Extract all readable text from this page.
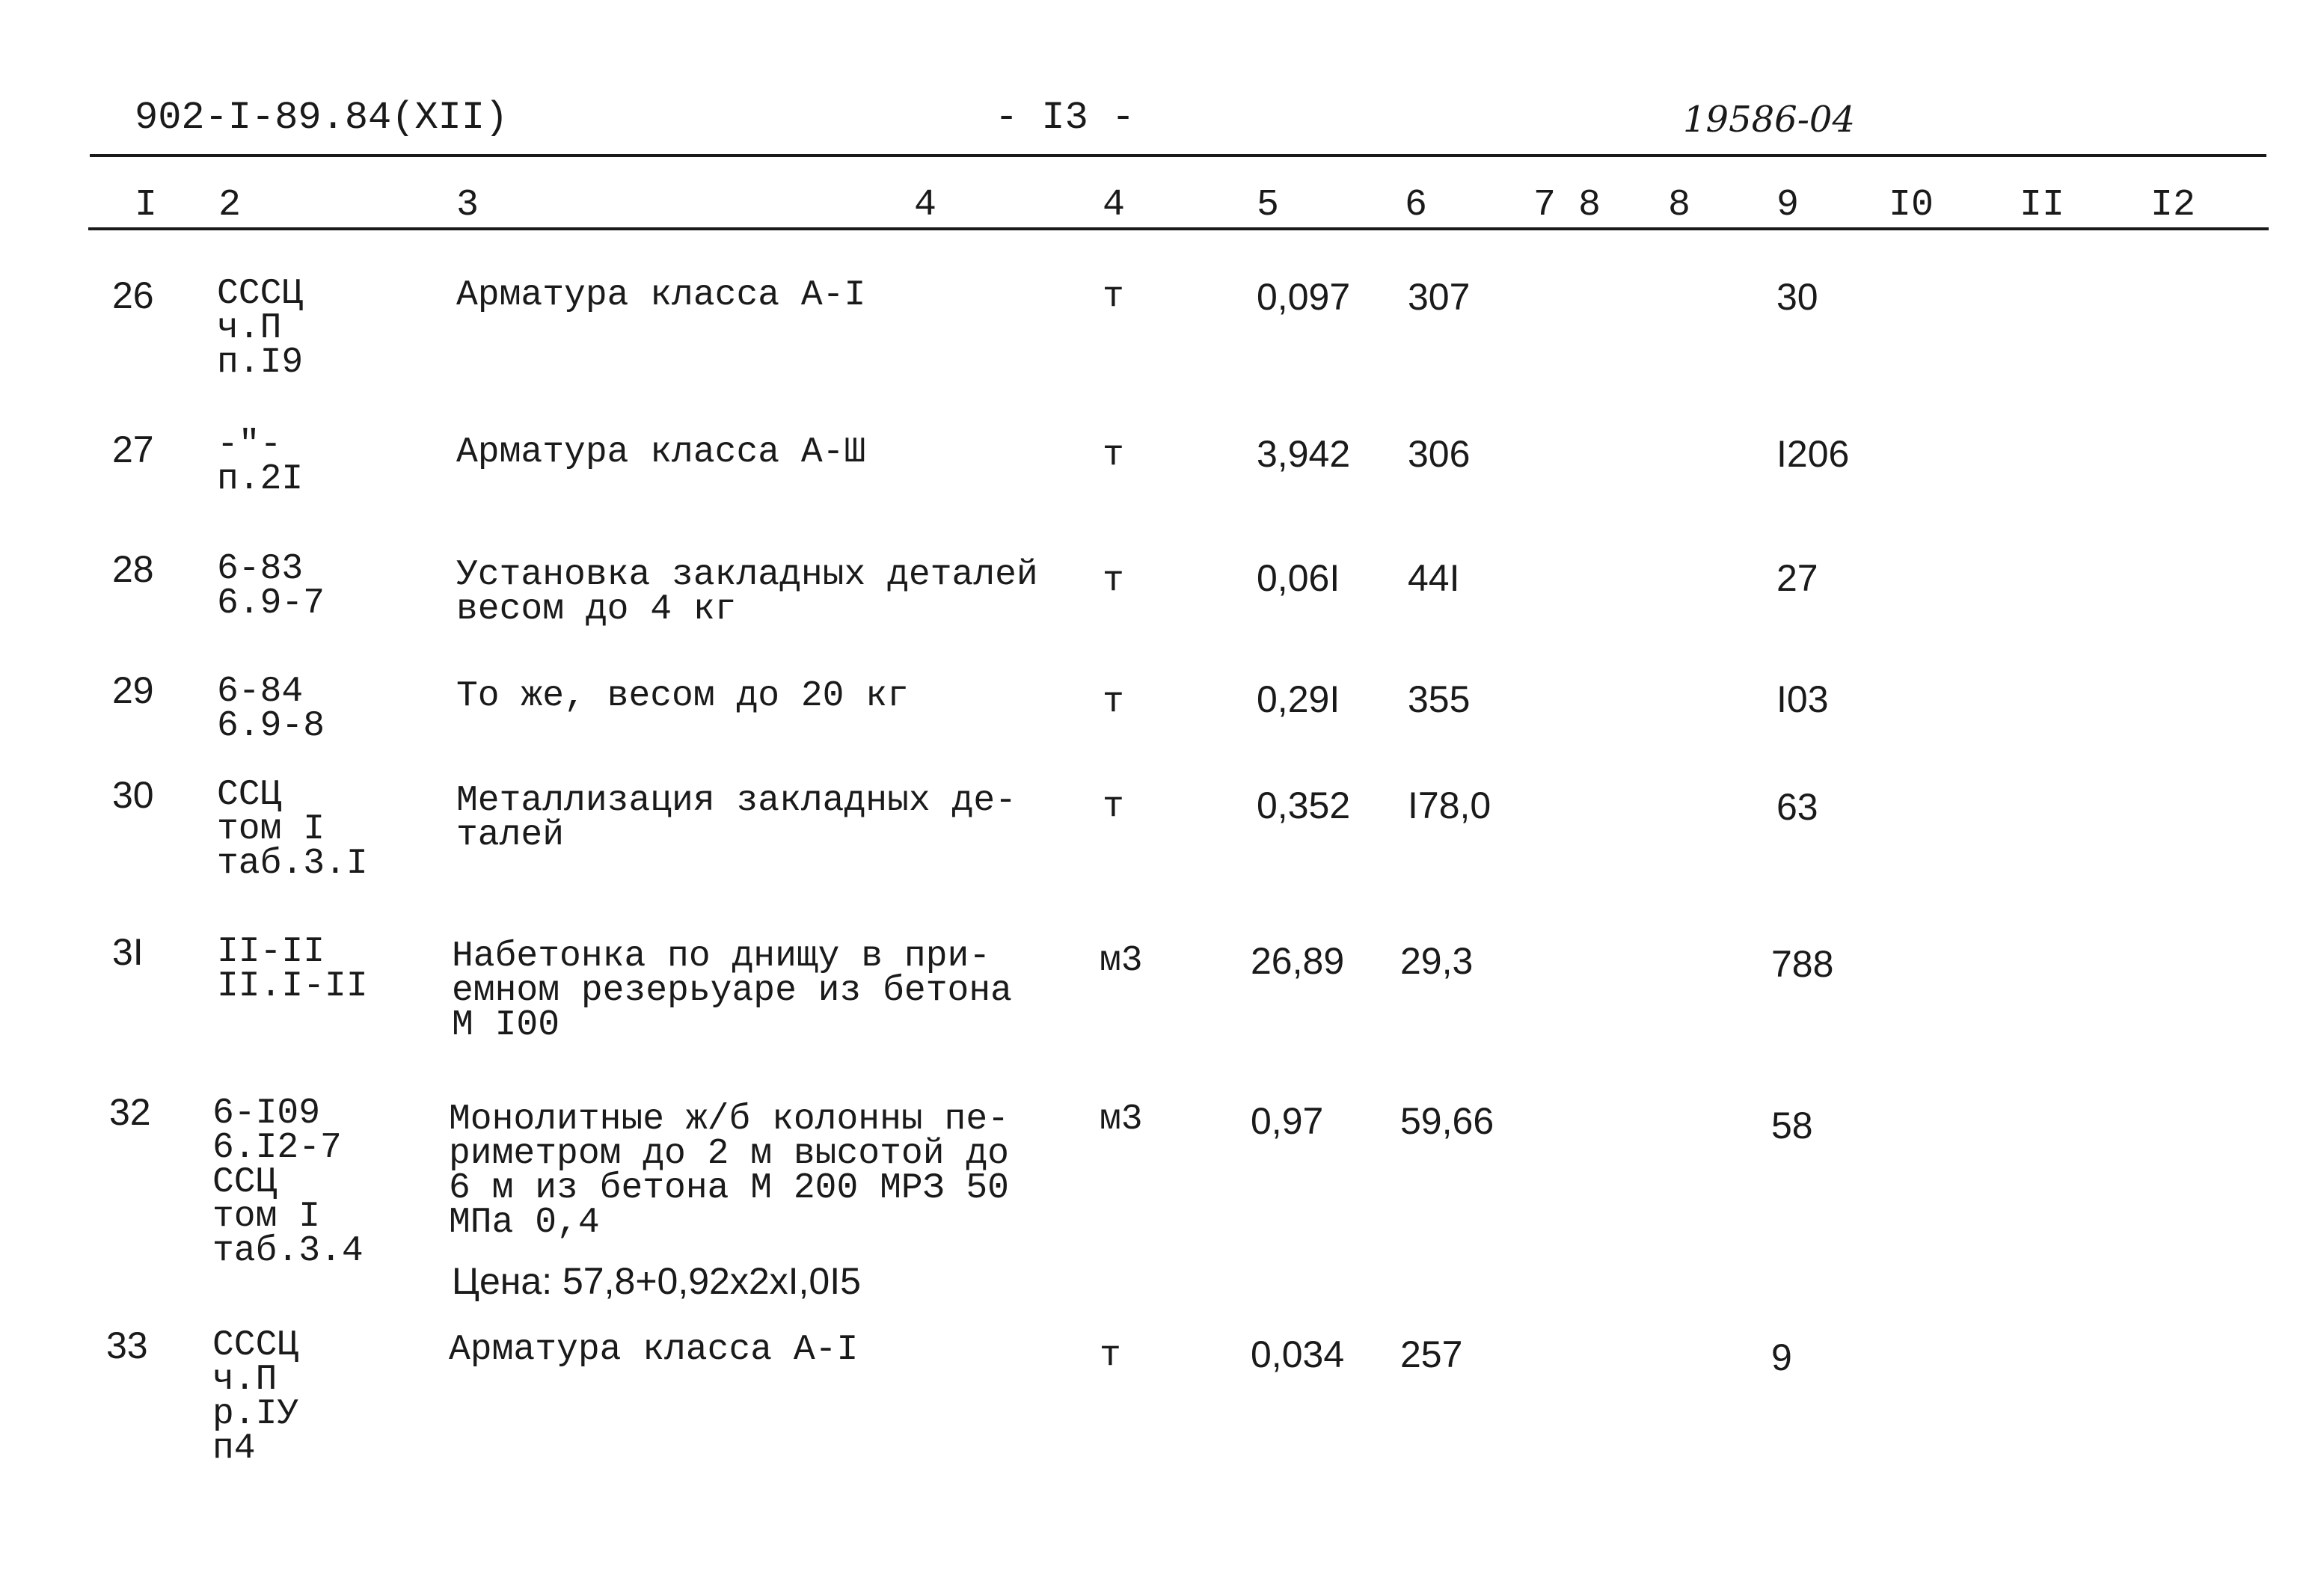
902-I-89.84(XII)	- I3 -	19586-04
I 2	3	4	4	5	6	7 8 8 9 I0 II I2
26 СССЦ
ч.П
п.I9
Арматура класса А-I	т	0,097 307	30
27 -"-
п.2I
Арматура класса А-Ш	т	3,942 306	I206
28 6-83
6.9-7
Установка закладных деталей
весом до 4 кг
т	0,06I 44I	27
29 6-84
6.9-8
То же, весом до 20 кг	т	0,29I 355	I03
30 ССЦ
том I
таб.3.I
Металлизация закладных де-
талей
т	0,352 I78,0	63
3I II-II
II.I-II
Набетонка по днищу в при-
емном резерьуаре из бетона
М I00
м3	26,89 29,3	788
32 6-I09
6.I2-7
ССЦ
том I
таб.3.4
Монолитные ж/б колонны пе-
риметром до 2 м высотой до
6 м из бетона М 200 МРЗ 50
МПа 0,4
Цена: 57,8+0,92х2хI,0I5
м3	0,97 59,66	58
33 СССЦ
ч.П
р.IУ
п4
Арматура класса А-I	т	0,034 257	9
